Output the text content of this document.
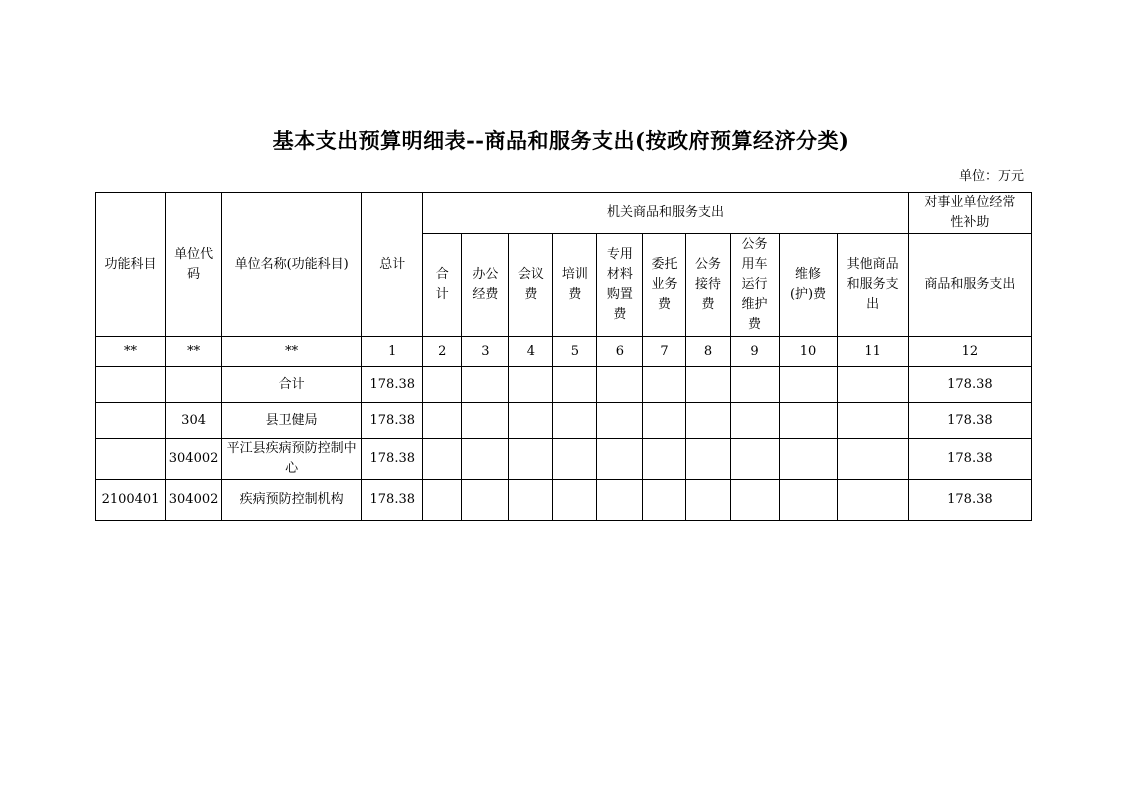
基本支出预算明细表--商品和服务支出(按政府预算经济分类)
单位：万元
功能科目	单位代码	单位名称(功能科目)	总计	机关商品和服务支出										对事业单位经常性补助
				合计	办公经费	会议费	培训费	专用材料购置费	委托业务费	公务接待费	公务用车运行维护费	维修(护)费	其他商品和服务支出	商品和服务支出
**	**	**	1	2	3	4	5	6	7	8	9	10	11	12
		合计	178.38											178.38
	304	县卫健局	178.38											178.38
	304002	平江县疾病预防控制中心	178.38											178.38
2100401	304002	疾病预防控制机构	178.38											178.38
